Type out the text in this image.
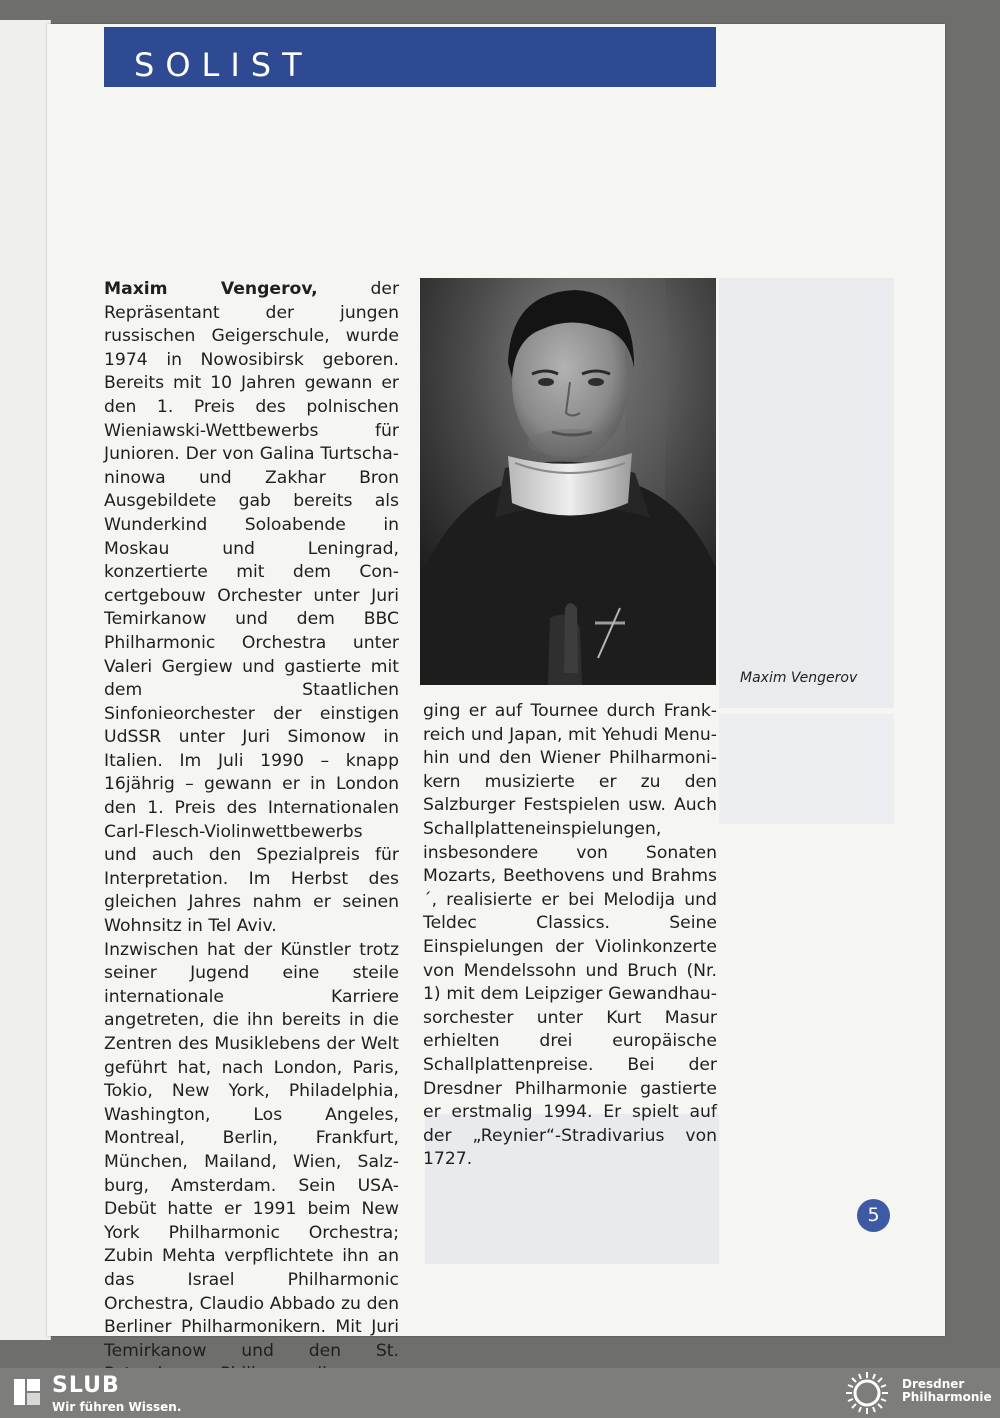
SOLIST

Maxim Vengerov, der Repräsentant der jungen russischen Geigerschule, wurde 1974 in Nowosibirsk geboren. Bereits mit 10 Jahren gewann er den 1. Preis des polnischen Wieniawski-Wettbewerbs für Junioren. Der von Galina Turtschaninowa und Zakhar Bron Ausgebildete gab bereits als Wunderkind Soloabende in Moskau und Leningrad, konzertierte mit dem Concertgebouw Orchester unter Juri Temirkanow und dem BBC Philharmonic Orchestra unter Valeri Gergiew und gastierte mit dem Staatlichen Sinfonieorchester der einstigen UdSSR unter Juri Simonow in Italien. Im Juli 1990 – knapp 16jährig – gewann er in London den 1. Preis des Internationalen Carl-Flesch-Violinwettbewerbs und auch den Spezialpreis für Interpretation. Im Herbst des gleichen Jahres nahm er seinen Wohnsitz in Tel Aviv.

Inzwischen hat der Künstler trotz seiner Jugend eine steile internationale Karriere angetreten, die ihn bereits in die Zentren des Musiklebens der Welt geführt hat, nach London, Paris, Tokio, New York, Philadelphia, Washington, Los Angeles, Montreal, Berlin, Frankfurt, München, Mailand, Wien, Salzburg, Amsterdam. Sein USA-Debüt hatte er 1991 beim New York Philharmonic Orchestra; Zubin Mehta verpflichtete ihn an das Israel Philharmonic Orchestra, Claudio Abbado zu den Berliner Philharmonikern. Mit Juri Temirkanow und den St.

Maxim Vengerov

ging er auf Tournee durch Frankreich und Japan, mit Yehudi Menuhin und den Wiener Philharmonikern musizierte er zu den Salzburger Festspielen usw. Auch Schallplatteneinspielungen, insbesondere von Sonaten Mozarts, Beethovens und Brahms´, realisierte er bei Melodija und Teldec Classics. Seine Einspielungen der Violinkonzerte von Mendelssohn und Bruch (Nr. 1) mit dem Leipziger Gewandhausorchester unter Kurt Masur erhielten drei europäische Schallplattenpreise. Bei der Dresdner Philharmonie gastierte er erstmalig 1994. Er spielt auf der „Reynier“-Stradivarius von 1727.

5
SLUB
Wir führen Wissen.
Dresdner
Philharmonie
